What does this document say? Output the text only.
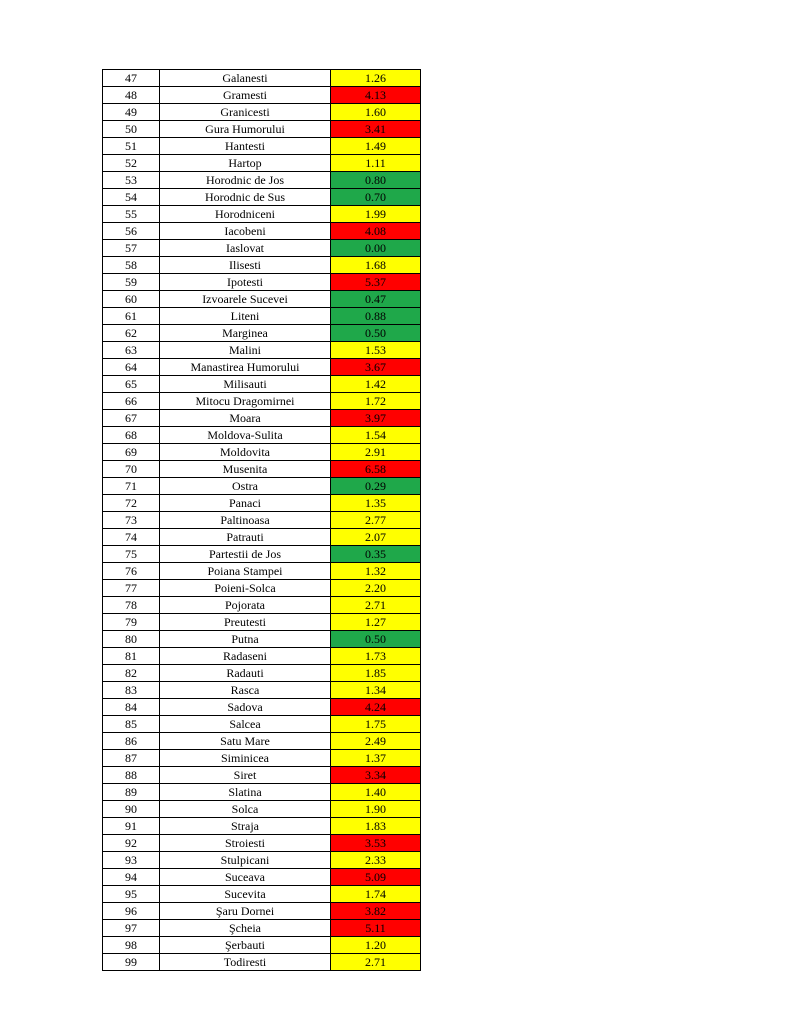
47	Galanesti	1.26
48	Gramesti	4.13
49	Granicesti	1.60
50	Gura Humorului	3.41
51	Hantesti	1.49
52	Hartop	1.11
53	Horodnic de Jos	0.80
54	Horodnic de Sus	0.70
55	Horodniceni	1.99
56	Iacobeni	4.08
57	Iaslovat	0.00
58	Ilisesti	1.68
59	Ipotesti	5.37
60	Izvoarele Sucevei	0.47
61	Liteni	0.88
62	Marginea	0.50
63	Malini	1.53
64	Manastirea Humorului	3.67
65	Milisauti	1.42
66	Mitocu Dragomirnei	1.72
67	Moara	3.97
68	Moldova-Sulita	1.54
69	Moldovita	2.91
70	Musenita	6.58
71	Ostra	0.29
72	Panaci	1.35
73	Paltinoasa	2.77
74	Patrauti	2.07
75	Partestii de Jos	0.35
76	Poiana Stampei	1.32
77	Poieni-Solca	2.20
78	Pojorata	2.71
79	Preutesti	1.27
80	Putna	0.50
81	Radaseni	1.73
82	Radauti	1.85
83	Rasca	1.34
84	Sadova	4.24
85	Salcea	1.75
86	Satu Mare	2.49
87	Siminicea	1.37
88	Siret	3.34
89	Slatina	1.40
90	Solca	1.90
91	Straja	1.83
92	Stroiesti	3.53
93	Stulpicani	2.33
94	Suceava	5.09
95	Sucevita	1.74
96	Şaru Dornei	3.82
97	Şcheia	5.11
98	Şerbauti	1.20
99	Todiresti	2.71
